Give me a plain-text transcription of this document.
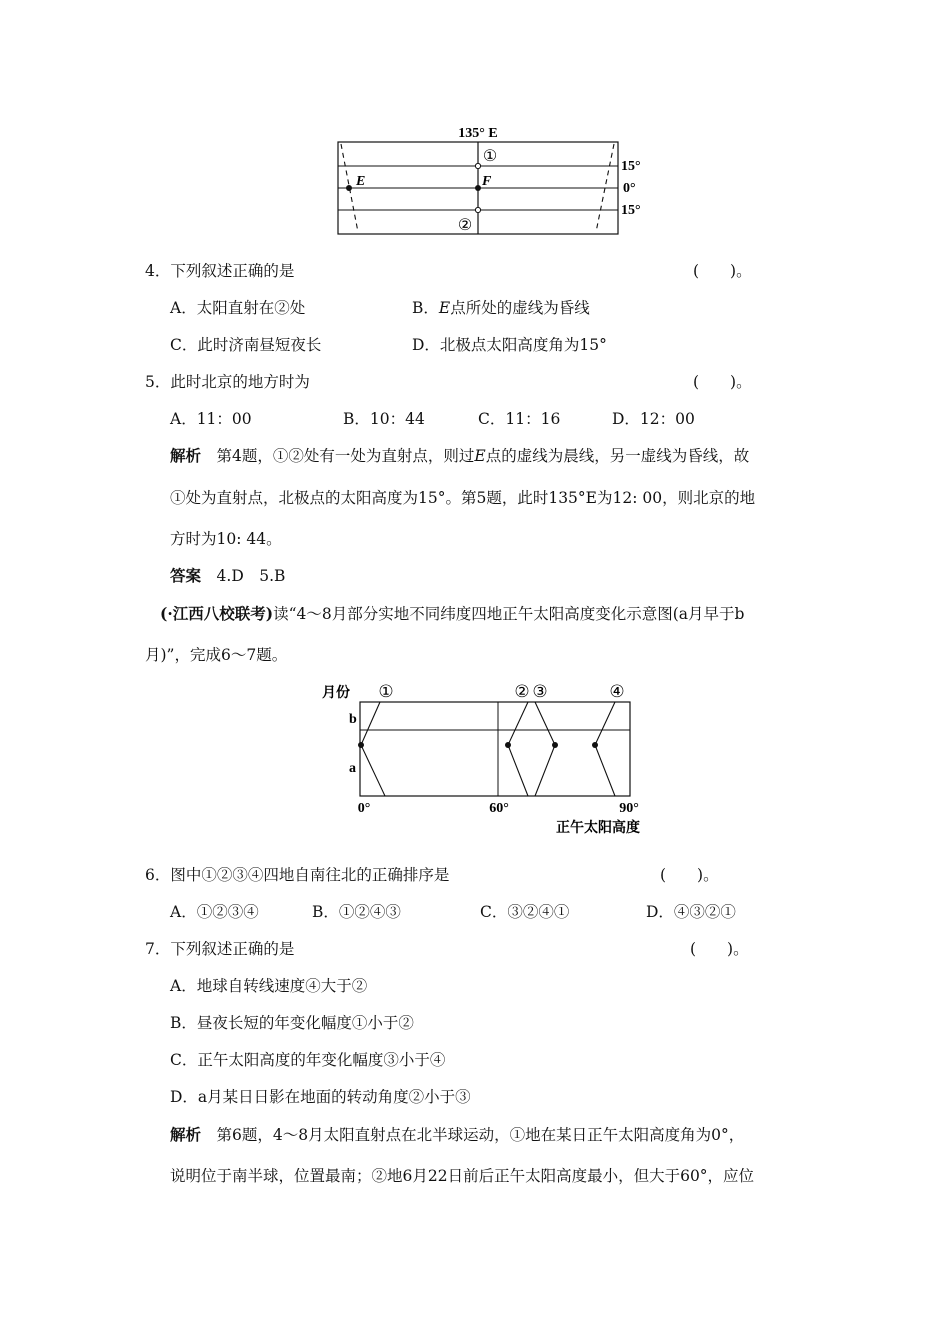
135° E
①
②
E	F
15°
0°
15°
4．下列叙述正确的是	(　　)。
A．太阳直射在②处	B．E点所处的虚线为昏线
C．此时济南昼短夜长	D．北极点太阳高度角为15°
5．此时北京的地方时为	(　　)。
A．11：00	B．10：44	C．11：16	D．12：00
解析　 第4题，①②处有一处为直射点，则过E点的虚线为晨线，另一虚线为昏线，故
①处为直射点，北极点的太阳高度为15°。第5题，此时135°E为12: 00，则北京的地
方时为10: 44。
答案　 4.D　5.B
(·江西八校联考)读“4～8月部分实地不同纬度四地正午太阳高度变化示意图(a月早于b
月)”，完成6～7题。
月份 ①	② ③	④
b
a
0°	60°	90°
正午太阳高度
6．图中①②③④四地自南往北的正确排序是	(　　)。
A．①②③④	B．①②④③	C．③②④①	D．④③②①
7．下列叙述正确的是	(　　)。
A．地球自转线速度④大于②
B．昼夜长短的年变化幅度①小于②
C．正午太阳高度的年变化幅度③小于④
D．a月某日日影在地面的转动角度②小于③
解析　 第6题，4～8月太阳直射点在北半球运动，①地在某日正午太阳高度角为0°，
说明位于南半球，位置最南；②地6月22日前后正午太阳高度最小，但大于60°，应位
